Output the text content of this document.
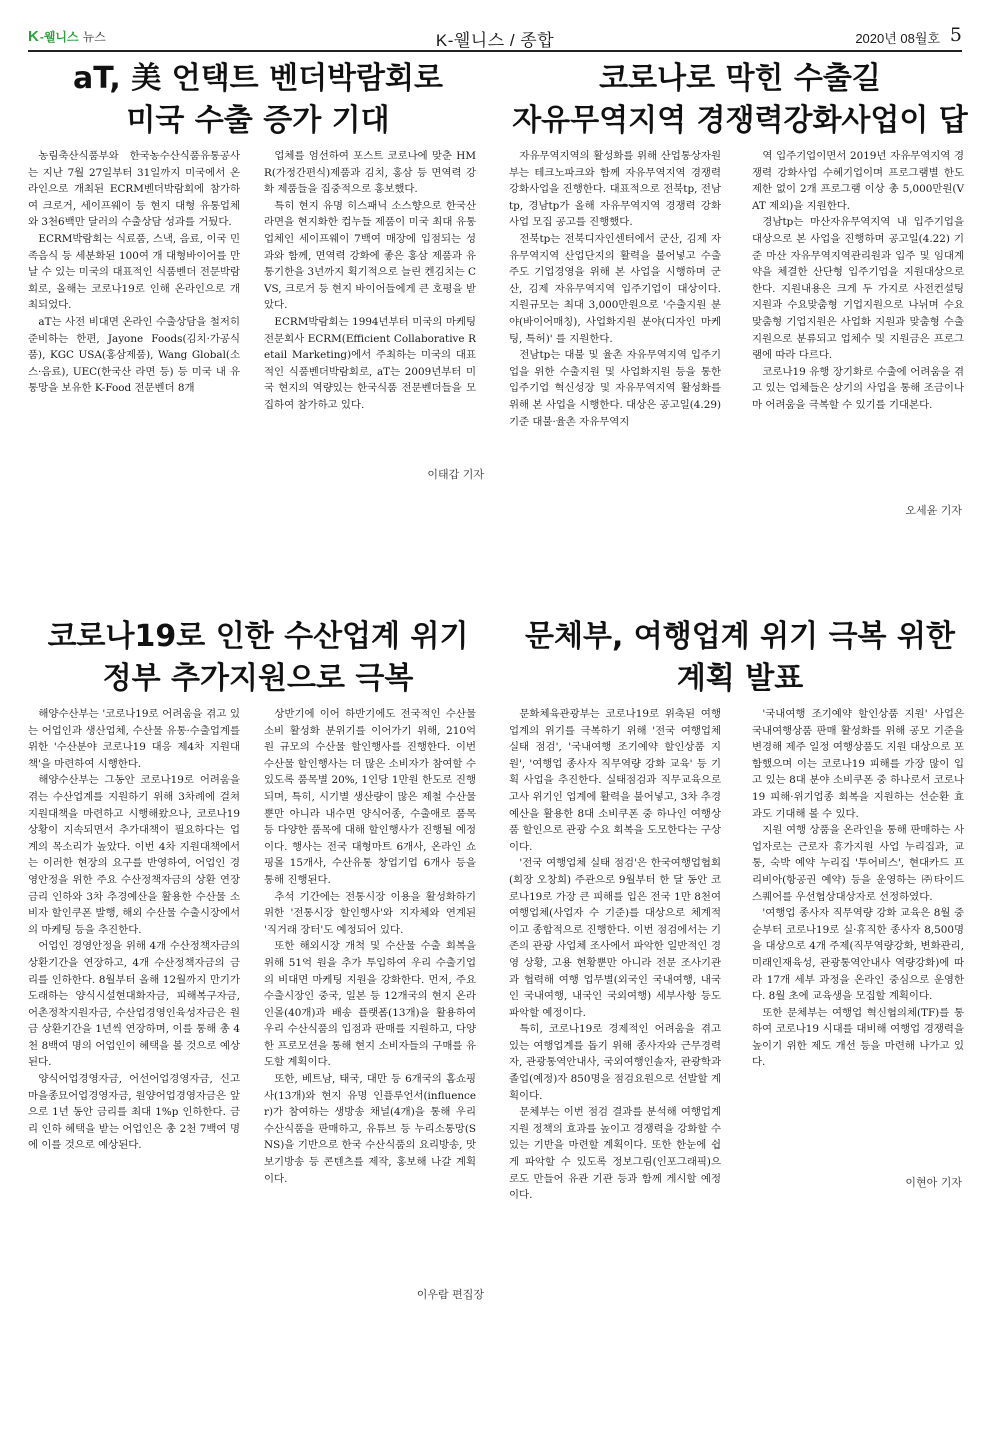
K -웰니스 뉴스	K-웰니스 / 종합	2020년 08월호 5
aT, 美 언택트 벤더박람회로
미국 수출 증가 기대

농림축산식품부와 한국농수산식품유통공사는 지난 7월 27일부터 31일까지 미국에서 온라인으로 개최된 ECRM벤더박람회에 참가하여 크로거, 세이프웨이 등 현지 대형 유통업체와 3천6백만 달러의 수출상담 성과를 거뒀다.

ECRM박람회는 식료품, 스낵, 음료, 이국 민족음식 등 세분화된 100여 개 대형바이어를 만날 수 있는 미국의 대표적인 식품벤더 전문박람회로, 올해는 코로나19로 인해 온라인으로 개최되었다.

aT는 사전 비대면 온라인 수출상담을 철저히 준비하는 한편, Jayone Foods(김치·가공식품), KGC USA(홍삼제품), Wang Global(소스·음료), UEC(한국산 라면 등) 등 미국 내 유통망을 보유한 K-Food 전문벤더 8개

업체를 엄선하여 포스트 코로나에 맞춘 HMR(가정간편식)제품과 김치, 홍삼 등 면역력 강화 제품들을 집중적으로 홍보했다.

특히 현지 유명 히스패닉 소스향으로 한국산 라면을 현지화한 컵누들 제품이 미국 최대 유통업체인 세이프웨이 7백여 매장에 입점되는 성과와 함께, 면역력 강화에 좋은 홍삼 제품과 유통기한을 3년까지 획기적으로 늘린 켄김치는 CVS, 크로거 등 현지 바이어들에게 큰 호평을 받았다.

ECRM박람회는 1994년부터 미국의 마케팅전문회사 ECRM(Efficient Collaborative Retail Marketing)에서 주최하는 미국의 대표적인 식품벤더박람회로, aT는 2009년부터 미국 현지의 역량있는 한국식품 전문벤더들을 모집하여 참가하고 있다.

이태갑 기자
코로나로 막힌 수출길
자유무역지역 경쟁력강화사업이 답

자유무역지역의 활성화를 위해 산업통상자원부는 테크노파크와 함께 자유무역지역 경쟁력 강화사업을 진행한다. 대표적으로 전북tp, 전남tp, 경남tp가 올해 자유무역지역 경쟁력 강화사업 모집 공고를 진행했다.

전북tp는 전북디자인센터에서 군산, 김제 자유무역지역 산업단지의 활력을 불어넣고 수출주도 기업경영을 위해 본 사업을 시행하며 군산, 김제 자유무역지역 입주기업이 대상이다. 지원규모는 최대 3,000만원으로 '수출지원 분야(바이어매칭), 사업화지원 분야(디자인 마케팅, 특허)' 를 지원한다.

전남tp는 대불 및 율촌 자유무역지역 입주기업을 위한 수출지원 및 사업화지원 등을 통한 입주기업 혁신성장 및 자유무역지역 활성화를 위해 본 사업을 시행한다. 대상은 공고일(4.29) 기준 대불·율촌 자유무역지

역 입주기업이면서 2019년 자유무역지역 경쟁력 강화사업 수혜기업이며 프로그램별 한도제한 없이 2개 프로그램 이상 총 5,000만원(VAT 제외)을 지원한다.

경남tp는 마산자유무역지역 내 입주기업을 대상으로 본 사업을 진행하며 공고일(4.22) 기준 마산 자유무역지역관리원과 입주 및 임대계약을 체결한 산단형 입주기업을 지원대상으로 한다. 지원내용은 크게 두 가지로 사전컨설팅 지원과 수요맞춤형 기업지원으로 나뉘며 수요맞춤형 기업지원은 사업화 지원과 맞춤형 수출지원으로 분류되고 업체수 및 지원금은 프로그램에 따라 다르다.

코로나19 유행 장기화로 수출에 어려움을 겪고 있는 업체들은 상기의 사업을 통해 조금이나마 어려움을 극복할 수 있기를 기대본다.

오세윤 기자
코로나19로 인한 수산업계 위기
정부 추가지원으로 극복

해양수산부는 '코로나19로 어려움을 겪고 있는 어업인과 생산업체, 수산물 유통·수출업계를 위한 '수산분야 코로나19 대응 제4차 지원대책'을 마련하여 시행한다.

해양수산부는 그동안 코로나19로 어려움을 겪는 수산업계를 지원하기 위해 3차례에 걸쳐 지원대책을 마련하고 시행해왔으나, 코로나19 상황이 지속되면서 추가대책이 필요하다는 업계의 목소리가 높았다. 이번 4차 지원대책에서는 이러한 현장의 요구를 반영하여, 어업인 경영안정을 위한 주요 수산정책자금의 상환 연장 금리 인하와 3차 추경예산을 활용한 수산물 소비자 할인쿠폰 발행, 해외 수산물 수출시장에서의 마케팅 등을 추진한다.

어업인 경영안정을 위해 4개 수산정책자금의 상환기간을 연장하고, 4개 수산정책자금의 금리를 인하한다. 8월부터 올해 12월까지 만기가 도래하는 양식시설현대화자금, 피해복구자금, 어촌정착지원자금, 수산업경영인육성자금은 원금 상환기간을 1년씩 연장하며, 이를 통해 총 4천 8백여 명의 어업인이 혜택을 볼 것으로 예상된다.

양식어업경영자금, 어선어업경영자금, 신고마을종묘어업경영자금, 원양어업경영자금은 앞으로 1년 동안 금리를 최대 1%p 인하한다. 금리 인하 혜택을 받는 어업인은 총 2천 7백여 명에 이를 것으로 예상된다.

상반기에 이어 하반기에도 전국적인 수산물 소비 활성화 분위기를 이어가기 위해, 210억 원 규모의 수산물 할인행사를 진행한다. 이번 수산물 할인행사는 더 많은 소비자가 참여할 수 있도록 품목별 20%, 1인당 1만원 한도로 진행되며, 특히, 시기별 생산량이 많은 제철 수산물뿐만 아니라 내수면 양식어종, 수출애로 품목 등 다양한 품목에 대해 할인행사가 진행될 예정이다. 행사는 전국 대형마트 6개사, 온라인 쇼핑몰 15개사, 수산유통 창업기업 6개사 등을 통해 진행된다.

추석 기간에는 전통시장 이용을 활성화하기 위한 '전통시장 할인행사'와 지자체와 연계된 '직거래 장터'도 예정되어 있다.

또한 해외시장 개척 및 수산물 수출 회복을 위해 51억 원을 추가 투입하여 우리 수출기업의 비대면 마케팅 지원을 강화한다. 먼저, 주요 수출시장인 중국, 일본 등 12개국의 현지 온라인몰(40개)과 배송 플랫폼(13개)을 활용하여 우리 수산식품의 입점과 판매를 지원하고, 다양한 프로모션을 통해 현지 소비자들의 구매를 유도할 계획이다.

또한, 베트남, 태국, 대만 등 6개국의 홈쇼핑사(13개)와 현지 유명 인플루언서(influencer)가 참여하는 생방송 채널(4개)을 통해 우리 수산식품을 판매하고, 유튜브 등 누리소통망(SNS)을 기반으로 한국 수산식품의 요리방송, 맛보기방송 등 콘텐츠를 제작, 홍보해 나갈 계획이다.

이우람 편집장
문체부, 여행업계 위기 극복 위한
계획 발표

문화체육관광부는 코로나19로 위축된 여행업계의 위기를 극복하기 위해 '전국 여행업체 실태 점검', '국내여행 조기예약 할인상품 지원', '여행업 종사자 직무역량 강화 교육' 등 기획 사업을 추진한다. 실태점검과 직무교육으로 고사 위기인 업계에 활력을 불어넣고, 3차 추경 예산을 활용한 8대 소비쿠폰 중 하나인 여행상품 할인으로 관광 수요 회복을 도모한다는 구상이다.

'전국 여행업체 실태 점검'은 한국여행업협회(회장 오창희) 주관으로 9월부터 한 달 동안 코로나19로 가장 큰 피해를 입은 전국 1만 8천여 여행업체(사업자 수 기준)를 대상으로 체계적이고 종합적으로 진행한다. 이번 점검에서는 기존의 관광 사업체 조사에서 파악한 일반적인 경영 상황, 고용 현황뿐만 아니라 전문 조사기관과 협력해 여행 업무별(외국인 국내여행, 내국인 국내여행, 내국인 국외여행) 세부사항 등도 파악할 예정이다.

특히, 코로나19로 경제적인 어려움을 겪고 있는 여행업계를 돕기 위해 종사자와 근무경력자, 관광통역안내사, 국외여행인솔자, 관광학과 졸업(예정)자 850명을 점검요원으로 선발할 계획이다.

문체부는 이번 점검 결과를 분석해 여행업계 지원 정책의 효과를 높이고 경쟁력을 강화할 수 있는 기반을 마련할 계획이다. 또한 한눈에 쉽게 파악할 수 있도록 정보그림(인포그래픽)으로도 만들어 유관 기관 등과 함께 게시할 예정이다.

'국내여행 조기예약 할인상품 지원' 사업은 국내여행상품 판매 활성화를 위해 공모 기준을 변경해 제주 일정 여행상품도 지원 대상으로 포함했으며 이는 코로나19 피해를 가장 많이 입고 있는 8대 분야 소비쿠폰 중 하나로서 코로나19 피해·위기업종 회복을 지원하는 선순환 효과도 기대해 볼 수 있다.

지원 여행 상품을 온라인을 통해 판매하는 사업자로는 근로자 휴가지원 사업 누리집과, 교통, 숙박 예약 누리집 '투어비스', 현대카드 프리비아(항공권 예약) 등을 운영하는 ㈜타이드스퀘어를 우선협상대상자로 선정하였다.

'여행업 종사자 직무역량 강화 교육은 8월 중순부터 코로나19로 실·휴직한 종사자 8,500명을 대상으로 4개 주제(직무역량강화, 변화관리, 미래인재육성, 관광통역안내사 역량강화)에 따라 17개 세부 과정을 온라인 중심으로 운영한다. 8월 초에 교육생을 모집할 계획이다.

또한 문체부는 여행업 혁신협의체(TF)를 통하여 코로나19 시대를 대비해 여행업 경쟁력을 높이기 위한 제도 개선 등을 마련해 나가고 있다.

이현아 기자
